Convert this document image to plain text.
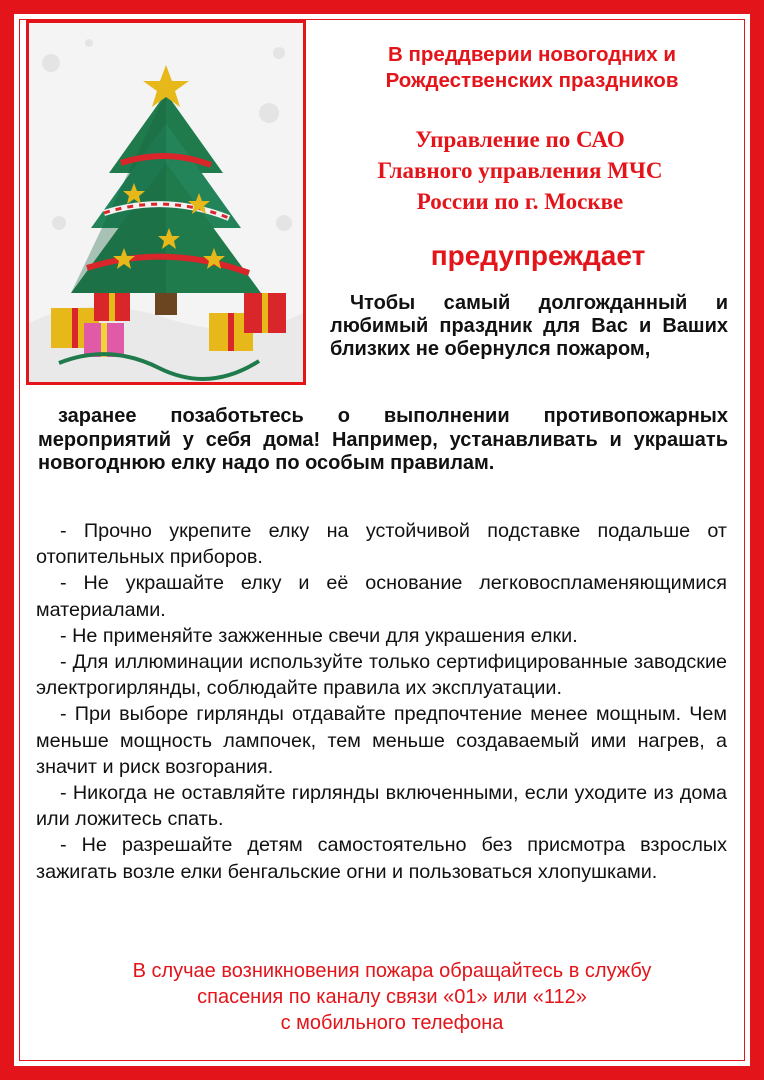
В преддверии новогодних и
Рождественских праздников
Управление по САО
Главного управления МЧС
России по г. Москве
предупреждает
Чтобы самый долгожданный и любимый праздник для Вас и Ваших близких не обернулся пожаром,
заранее позаботьтесь о выполнении противопожарных мероприятий у себя дома! Например, устанавливать и украшать новогоднюю елку надо по особым правилам.
- Прочно укрепите елку на устойчивой подставке подальше от отопительных приборов.
- Не украшайте елку и её основание легковоспламеняющимися материалами.
- Не применяйте зажженные свечи для украшения елки.
- Для иллюминации используйте только сертифицированные заводские электрогирлянды, соблюдайте правила их эксплуатации.
- При выборе гирлянды отдавайте предпочтение менее мощным. Чем меньше мощность лампочек, тем меньше создаваемый ими нагрев, а значит и риск возгорания.
- Никогда не оставляйте гирлянды включенными, если уходите из дома или ложитесь спать.
- Не разрешайте детям самостоятельно без присмотра взрослых зажигать возле елки бенгальские огни и пользоваться хлопушками.
В случае возникновения пожара обращайтесь в службу
спасения по каналу связи «01» или «112»
с мобильного телефона
